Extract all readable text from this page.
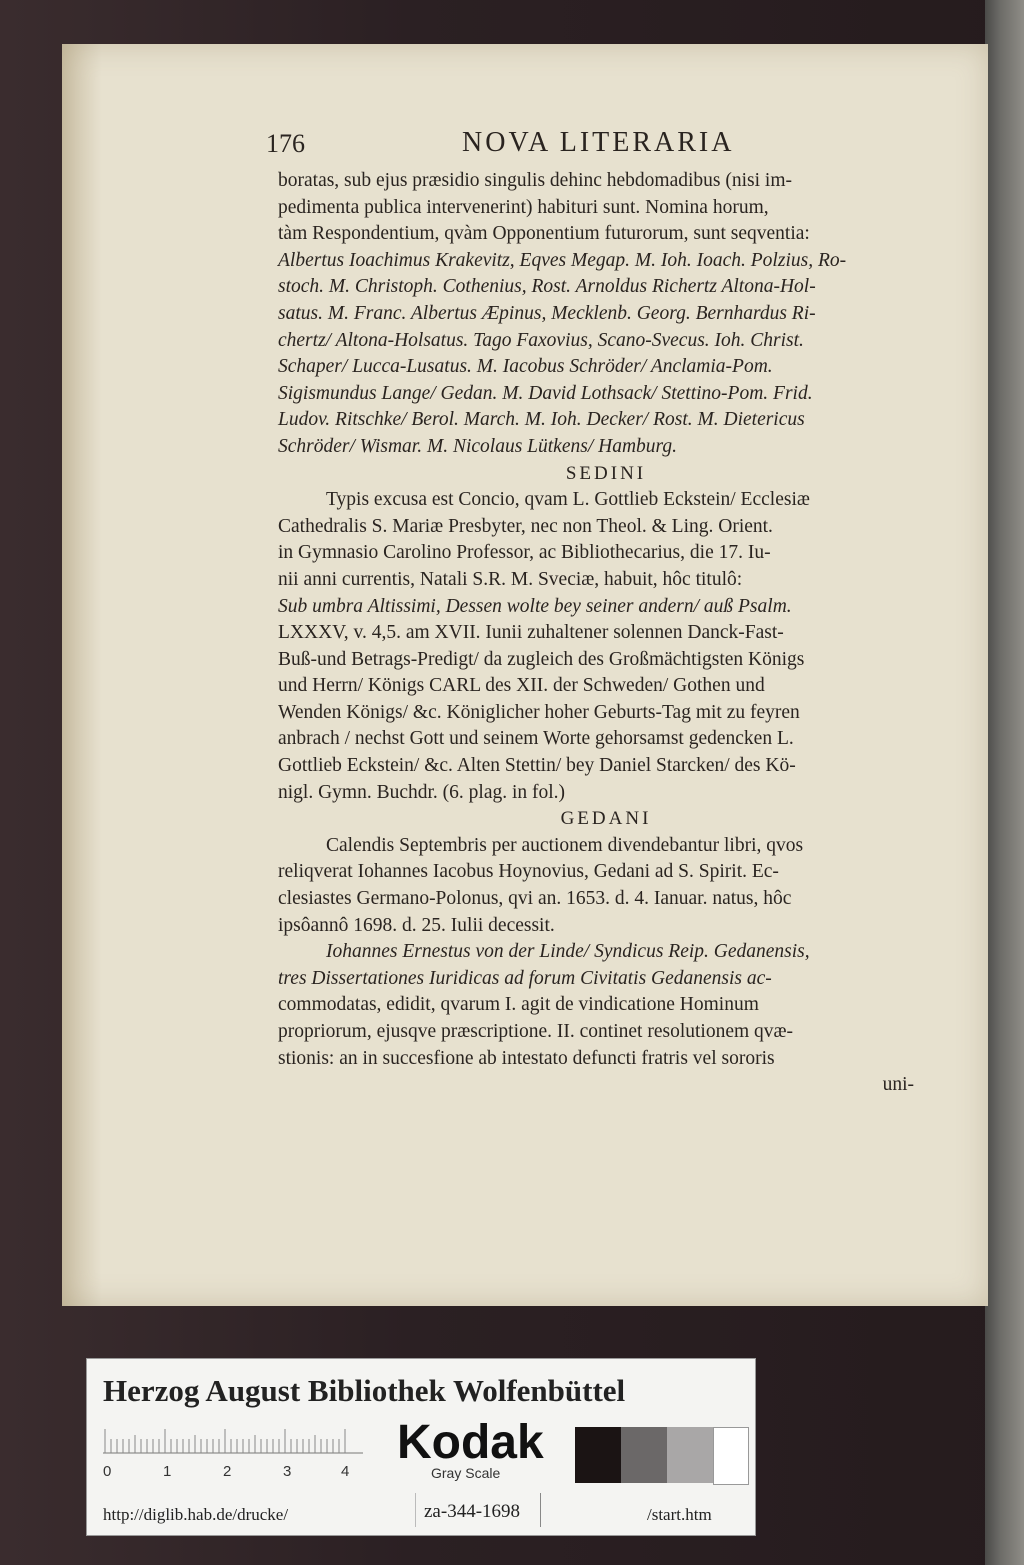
176	NOVA LITERARIA

boratas, sub ejus præsidio singulis dehinc hebdomadibus (nisi im-
pedimenta publica intervenerint) habituri sunt. Nomina horum,
tàm Respondentium, qvàm Opponentium futurorum, sunt seqventia:
Albertus Ioachimus Krakevitz, Eqves Megap. M. Ioh. Ioach. Polzius, Ro-
stoch. M. Christoph. Cothenius, Rost. Arnoldus Richertz Altona-Hol-
satus. M. Franc. Albertus Æpinus, Mecklenb. Georg. Bernhardus Ri-
chertz/ Altona-Holsatus. Tago Faxovius, Scano-Svecus. Ioh. Christ.
Schaper/ Lucca-Lusatus. M. Iacobus Schröder/ Anclamia-Pom.
Sigismundus Lange/ Gedan. M. David Lothsack/ Stettino-Pom. Frid.
Ludov. Ritschke/ Berol. March. M. Ioh. Decker/ Rost. M. Dietericus
Schröder/ Wismar. M. Nicolaus Lütkens/ Hamburg.

SEDINI

Typis excusa est Concio, qvam L. Gottlieb Eckstein/ Ecclesiæ
Cathedralis S. Mariæ Presbyter, nec non Theol. & Ling. Orient.
in Gymnasio Carolino Professor, ac Bibliothecarius, die 17. Iu-
nii anni currentis, Natali S.R. M. Sveciæ, habuit, hôc titulô:
Sub umbra Altissimi, Dessen wolte bey seiner andern/ auß Psalm.
LXXXV, v. 4,5. am XVII. Iunii zuhaltener solennen Danck-Fast-
Buß-und Betrags-Predigt/ da zugleich des Großmächtigsten Königs
und Herrn/ Königs CARL des XII. der Schweden/ Gothen und
Wenden Königs/ &c. Königlicher hoher Geburts-Tag mit zu feyren
anbrach / nechst Gott und seinem Worte gehorsamst gedencken L.
Gottlieb Eckstein/ &c. Alten Stettin/ bey Daniel Starcken/ des Kö-
nigl. Gymn. Buchdr. (6. plag. in fol.)

GEDANI

Calendis Septembris per auctionem divendebantur libri, qvos
reliqverat Iohannes Iacobus Hoynovius, Gedani ad S. Spirit. Ec-
clesiastes Germano-Polonus, qvi an. 1653. d. 4. Ianuar. natus, hôc
ipsôannô 1698. d. 25. Iulii decessit.

Iohannes Ernestus von der Linde/ Syndicus Reip. Gedanensis,
tres Dissertationes Iuridicas ad forum Civitatis Gedanensis ac-
commodatas, edidit, qvarum I. agit de vindicatione Hominum
propriorum, ejusqve præscriptione. II. continet resolutionem qvæ-
stionis: an in succesfione ab intestato defuncti fratris vel sororis

uni-

Herzog August Bibliothek Wolfenbüttel
0	1	2	3	4
Kodak
Gray Scale
http://diglib.hab.de/drucke/	za-344-1698	/start.htm
